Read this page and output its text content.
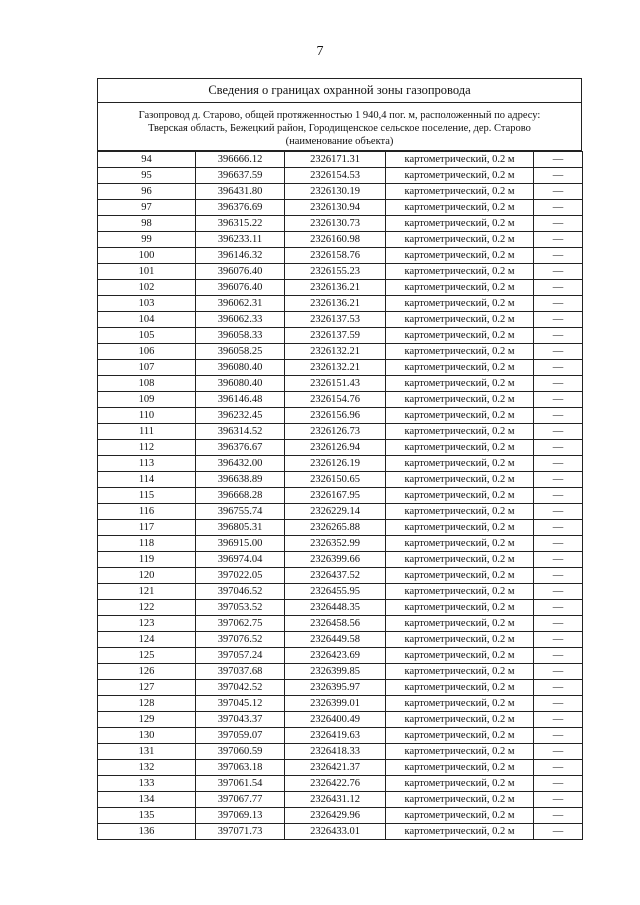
7
Сведения о границах охранной зоны газопровода
Газопровод д. Старово, общей протяженностью 1 940,4 пог. м, расположенный по адресу:
Тверская область, Бежецкий район, Городищенское сельское поселение, дер. Старово
(наименование объекта)
94	396666.12	2326171.31	картометрический, 0.2 м	—
95	396637.59	2326154.53	картометрический, 0.2 м	—
96	396431.80	2326130.19	картометрический, 0.2 м	—
97	396376.69	2326130.94	картометрический, 0.2 м	—
98	396315.22	2326130.73	картометрический, 0.2 м	—
99	396233.11	2326160.98	картометрический, 0.2 м	—
100	396146.32	2326158.76	картометрический, 0.2 м	—
101	396076.40	2326155.23	картометрический, 0.2 м	—
102	396076.40	2326136.21	картометрический, 0.2 м	—
103	396062.31	2326136.21	картометрический, 0.2 м	—
104	396062.33	2326137.53	картометрический, 0.2 м	—
105	396058.33	2326137.59	картометрический, 0.2 м	—
106	396058.25	2326132.21	картометрический, 0.2 м	—
107	396080.40	2326132.21	картометрический, 0.2 м	—
108	396080.40	2326151.43	картометрический, 0.2 м	—
109	396146.48	2326154.76	картометрический, 0.2 м	—
110	396232.45	2326156.96	картометрический, 0.2 м	—
111	396314.52	2326126.73	картометрический, 0.2 м	—
112	396376.67	2326126.94	картометрический, 0.2 м	—
113	396432.00	2326126.19	картометрический, 0.2 м	—
114	396638.89	2326150.65	картометрический, 0.2 м	—
115	396668.28	2326167.95	картометрический, 0.2 м	—
116	396755.74	2326229.14	картометрический, 0.2 м	—
117	396805.31	2326265.88	картометрический, 0.2 м	—
118	396915.00	2326352.99	картометрический, 0.2 м	—
119	396974.04	2326399.66	картометрический, 0.2 м	—
120	397022.05	2326437.52	картометрический, 0.2 м	—
121	397046.52	2326455.95	картометрический, 0.2 м	—
122	397053.52	2326448.35	картометрический, 0.2 м	—
123	397062.75	2326458.56	картометрический, 0.2 м	—
124	397076.52	2326449.58	картометрический, 0.2 м	—
125	397057.24	2326423.69	картометрический, 0.2 м	—
126	397037.68	2326399.85	картометрический, 0.2 м	—
127	397042.52	2326395.97	картометрический, 0.2 м	—
128	397045.12	2326399.01	картометрический, 0.2 м	—
129	397043.37	2326400.49	картометрический, 0.2 м	—
130	397059.07	2326419.63	картометрический, 0.2 м	—
131	397060.59	2326418.33	картометрический, 0.2 м	—
132	397063.18	2326421.37	картометрический, 0.2 м	—
133	397061.54	2326422.76	картометрический, 0.2 м	—
134	397067.77	2326431.12	картометрический, 0.2 м	—
135	397069.13	2326429.96	картометрический, 0.2 м	—
136	397071.73	2326433.01	картометрический, 0.2 м	—
